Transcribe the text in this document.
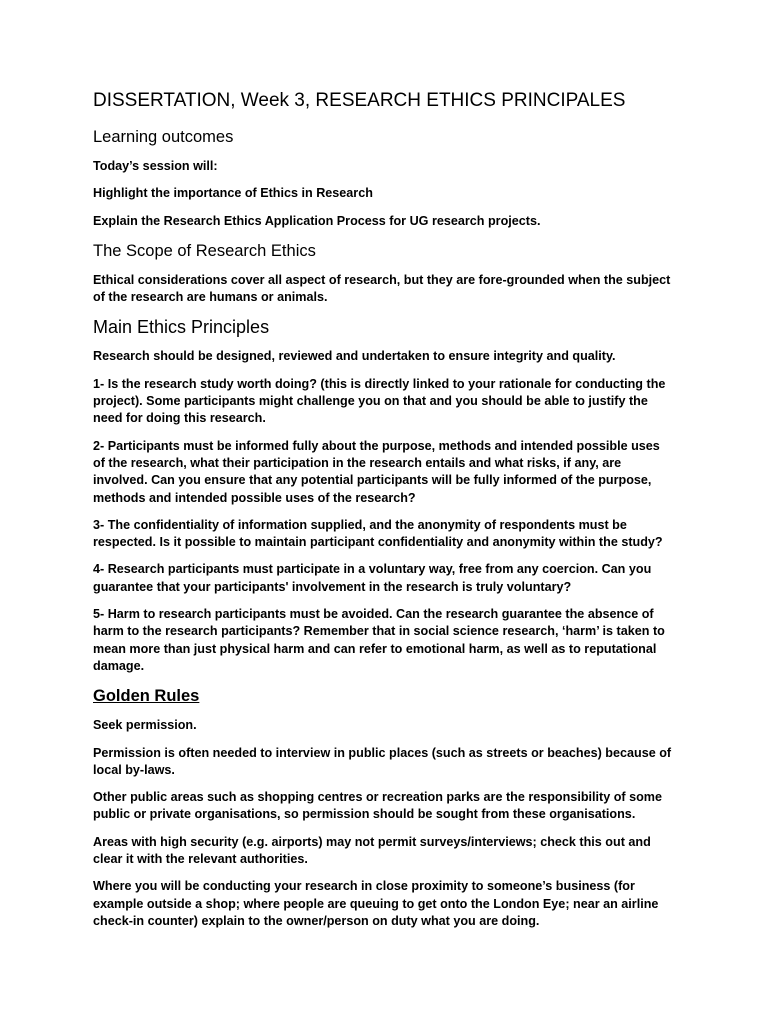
DISSERTATION, Week 3, RESEARCH ETHICS PRINCIPALES
Learning outcomes

Today’s session will:

Highlight the importance of Ethics in Research

Explain the Research Ethics Application Process for UG research projects.

The Scope of Research Ethics

Ethical considerations cover all aspect of research, but they are fore-grounded when the subject of the research are humans or animals.

Main Ethics Principles

Research should be designed, reviewed and undertaken to ensure integrity and quality.

1- Is the research study worth doing? (this is directly linked to your rationale for conducting the project). Some participants might challenge you on that and you should be able to justify the need for doing this research.

2- Participants must be informed fully about the purpose, methods and intended possible uses of the research, what their participation in the research entails and what risks, if any, are involved. Can you ensure that any potential participants will be fully informed of the purpose, methods and intended possible uses of the research?

3- The confidentiality of information supplied, and the anonymity of respondents must be respected. Is it possible to maintain participant confidentiality and anonymity within the study?

4- Research participants must participate in a voluntary way, free from any coercion. Can you guarantee that your participants' involvement in the research is truly voluntary?

5- Harm to research participants must be avoided. Can the research guarantee the absence of harm to the research participants? Remember that in social science research, ‘harm’ is taken to mean more than just physical harm and can refer to emotional harm, as well as to reputational damage.

Golden Rules

Seek permission.

Permission is often needed to interview in public places (such as streets or beaches) because of local by-laws.

Other public areas such as shopping centres or recreation parks are the responsibility of some public or private organisations, so permission should be sought from these organisations.

Areas with high security (e.g. airports) may not permit surveys/interviews; check this out and clear it with the relevant authorities.

Where you will be conducting your research in close proximity to someone’s business (for example outside a shop; where people are queuing to get onto the London Eye; near an airline check-in counter) explain to the owner/person on duty what you are doing.
